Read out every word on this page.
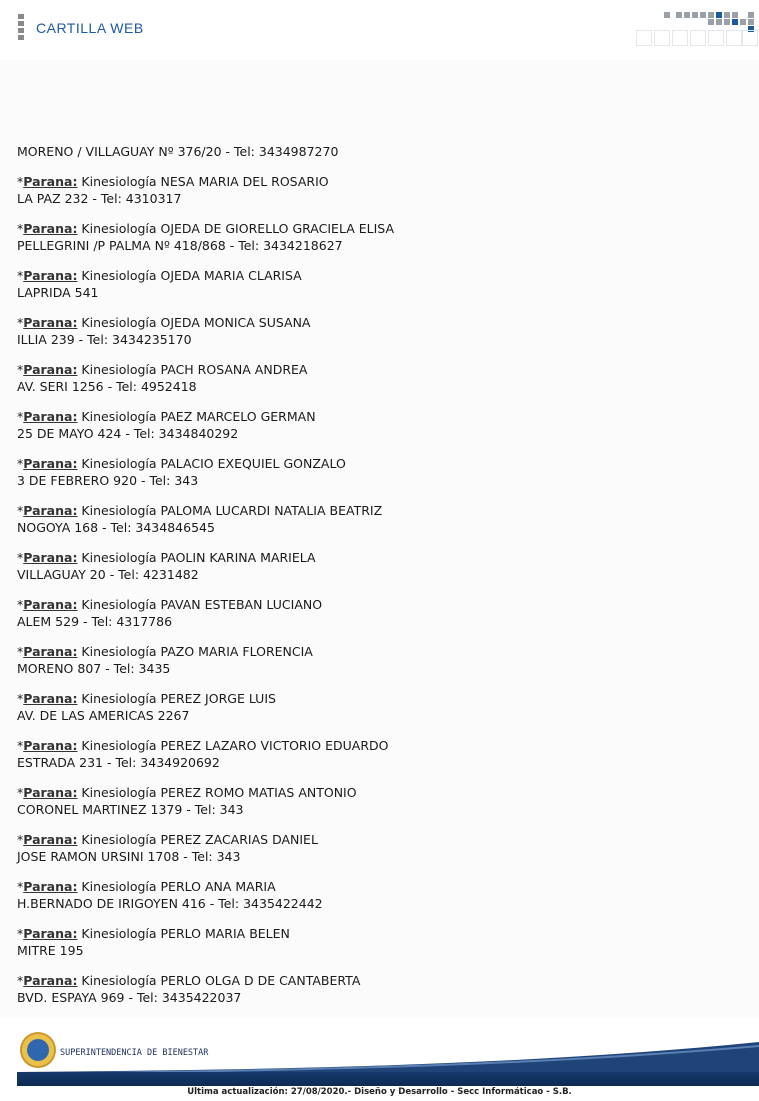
CARTILLA WEB
MORENO / VILLAGUAY Nº 376/20 - Tel: 3434987270
*Parana: Kinesiología NESA MARIA DEL ROSARIO
LA PAZ 232 - Tel: 4310317
*Parana: Kinesiología OJEDA DE GIORELLO GRACIELA ELISA
PELLEGRINI /P PALMA Nº 418/868 - Tel: 3434218627
*Parana: Kinesiología OJEDA MARIA CLARISA
LAPRIDA 541
*Parana: Kinesiología OJEDA MONICA SUSANA
ILLIA 239 - Tel: 3434235170
*Parana: Kinesiología PACH ROSANA ANDREA
AV. SERI 1256 - Tel: 4952418
*Parana: Kinesiología PAEZ MARCELO GERMAN
25 DE MAYO 424 - Tel: 3434840292
*Parana: Kinesiología PALACIO EXEQUIEL GONZALO
3 DE FEBRERO 920 - Tel: 343
*Parana: Kinesiología PALOMA LUCARDI NATALIA BEATRIZ
NOGOYA 168 - Tel: 3434846545
*Parana: Kinesiología PAOLIN KARINA MARIELA
VILLAGUAY 20 - Tel: 4231482
*Parana: Kinesiología PAVAN ESTEBAN LUCIANO
ALEM 529 - Tel: 4317786
*Parana: Kinesiología PAZO MARIA FLORENCIA
MORENO 807 - Tel: 3435
*Parana: Kinesiología PEREZ JORGE LUIS
AV. DE LAS AMERICAS 2267
*Parana: Kinesiología PEREZ LAZARO VICTORIO EDUARDO
ESTRADA 231 - Tel: 3434920692
*Parana: Kinesiología PEREZ ROMO MATIAS ANTONIO
CORONEL MARTINEZ 1379 - Tel: 343
*Parana: Kinesiología PEREZ ZACARIAS DANIEL
JOSE RAMON URSINI 1708 - Tel: 343
*Parana: Kinesiología PERLO ANA MARIA
H.BERNADO DE IRIGOYEN 416 - Tel: 3435422442
*Parana: Kinesiología PERLO MARIA BELEN
MITRE 195
*Parana: Kinesiología PERLO OLGA D DE CANTABERTA
BVD. ESPAYA 969 - Tel: 3435422037
SUPERINTENDENCIA DE BIENESTAR
Ultima actualización: 27/08/2020.- Diseño y Desarrollo - Secc Informáticao - S.B.
